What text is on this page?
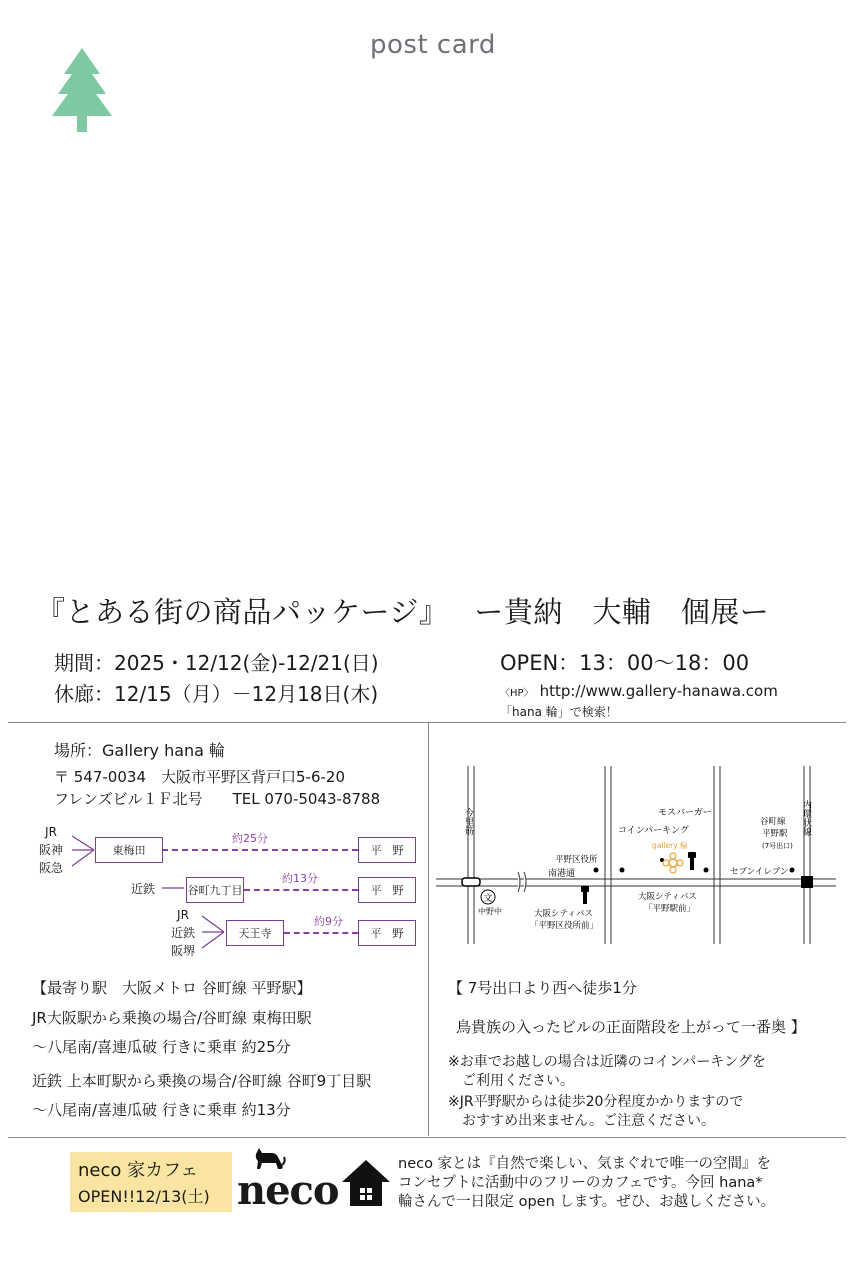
post card
『とある街の商品パッケージ』 ー貴納　大輔　個展ー
期間：2025・12/12(金)-12/21(日)
休廊：12/15（月）－12月18日(木)
OPEN：13：00〜18：00
〈HP〉 http://www.gallery-hanawa.com
「hana 輪」で検索！
場所：Gallery hana 輪
〒 547-0034　大阪市平野区背戸口5-6-20
フレンズビル１Ｆ北号　　TEL 070-5043-8788
JR
阪神
阪急
東梅田
約25分
平　野
近鉄	谷町九丁目
約13分
平　野
JR
近鉄
阪堺
天王寺
約9分
平　野
【最寄り駅　大阪メトロ 谷町線 平野駅】
JR大阪駅から乗換の場合/谷町線 東梅田駅
〜八尾南/喜連瓜破 行きに乗車 約25分
近鉄 上本町駅から乗換の場合/谷町線 谷町9丁目駅
〜八尾南/喜連瓜破 行きに乗車 約13分
文
今里筋	内環状線
南港通
モスバーガー
コインパーキング
平野区役所
gallery 輪
谷町線
平野駅
(7号出口)
セブンイレブン
中野中	大阪シティバス
「平野区役所前」
大阪シティバス
「平野駅前」
【 7号出口より西へ徒歩1分
鳥貴族の入ったビルの正面階段を上がって一番奥 】
※お車でお越しの場合は近隣のコインパーキングを
ご利用ください。
※JR平野駅からは徒歩20分程度かかりますので
おすすめ出来ません。ご注意ください。
neco 家カフェ
OPEN!!12/13(土) neco
neco 家とは『自然で楽しい、気まぐれで唯一の空間』を
コンセプトに活動中のフリーのカフェです。今回 hana*
輪さんで一日限定 open します。ぜひ、お越しください。
